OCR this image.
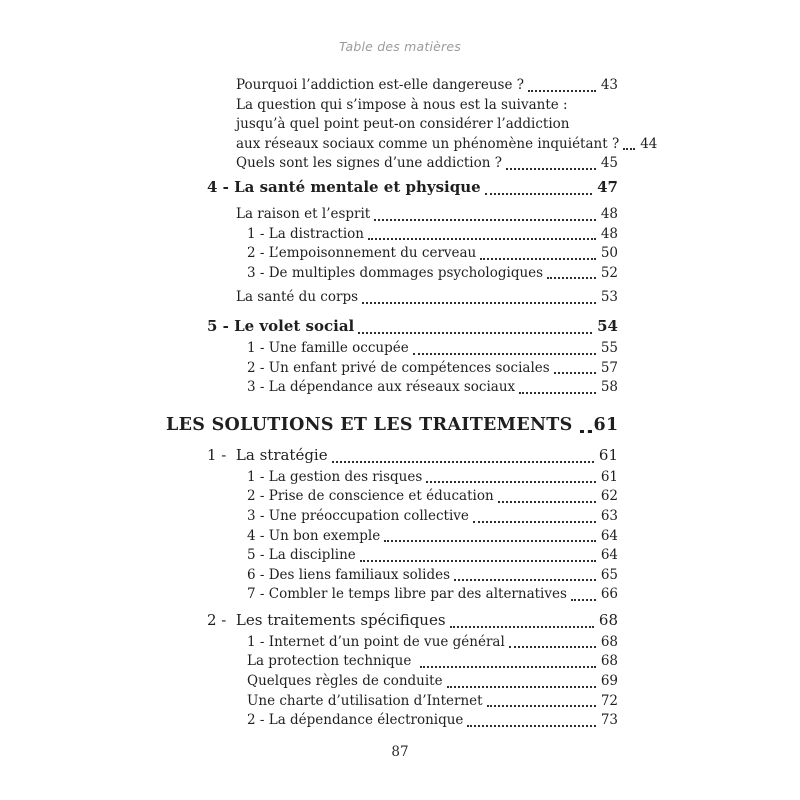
Table des matières
Pourquoi l’addiction est-elle dangereuse ?	43
La question qui s’impose à nous est la suivante :
jusqu’à quel point peut-on considérer l’addiction
aux réseaux sociaux comme un phénomène inquiétant ? 44
Quels sont les signes d’une addiction ?	45
4 - La santé mentale et physique	47
La raison et l’esprit	48
1 - La distraction	48
2 - L’empoisonnement du cerveau	50
3 - De multiples dommages psychologiques	52
La santé du corps	53
5 - Le volet social	54
1 - Une famille occupée	55
2 - Un enfant privé de compétences sociales	57
3 - La dépendance aux réseaux sociaux	58
LES SOLUTIONS ET LES TRAITEMENTS 61
1 -  La stratégie	61
1 - La gestion des risques	61
2 - Prise de conscience et éducation	62
3 - Une préoccupation collective	63
4 - Un bon exemple	64
5 - La discipline	64
6 - Des liens familiaux solides	65
7 - Combler le temps libre par des alternatives	66
2 -  Les traitements spécifiques	68
1 - Internet d’un point de vue général	68
La protection technique	68
Quelques règles de conduite	69
Une charte d’utilisation d’Internet	72
2 - La dépendance électronique	73
87
